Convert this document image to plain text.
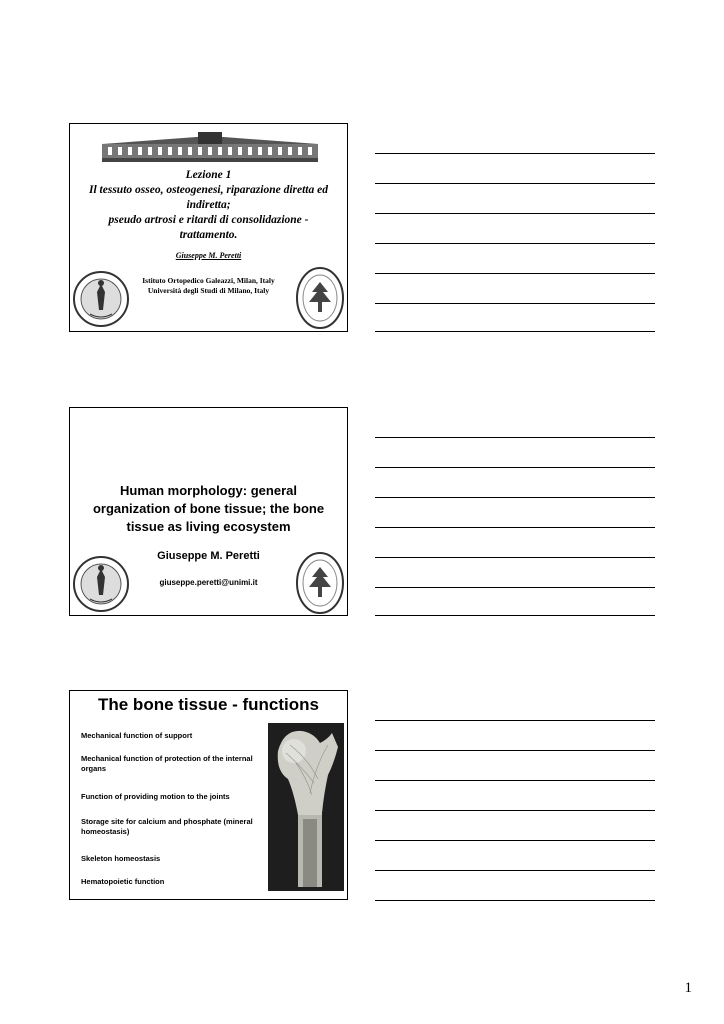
Lezione 1
Il tessuto osseo, osteogenesi, riparazione diretta ed
indiretta;
pseudo artrosi e ritardi di consolidazione -
trattamento.
Giuseppe M. Peretti
Istituto Ortopedico Galeazzi, Milan, Italy
Università degli Studi di Milano, Italy
Human morphology: general
organization of bone tissue; the bone
tissue as living ecosystem
Giuseppe M. Peretti
giuseppe.peretti@unimi.it
The bone tissue - functions
Mechanical function of support
Mechanical function of protection of the internal organs
Function of providing motion to the joints
Storage site for calcium and phosphate (mineral homeostasis)
Skeleton homeostasis
Hematopoietic function
1
